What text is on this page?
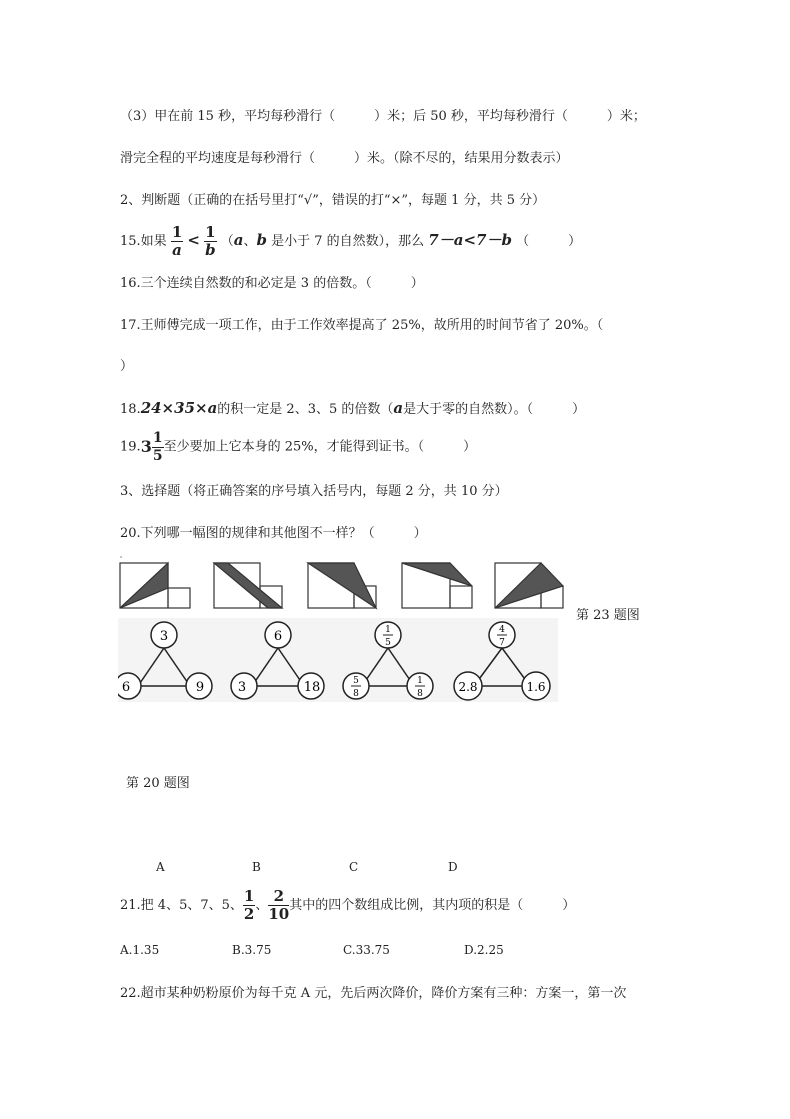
（3）甲在前 15 秒，平均每秒滑行（　　　）米；后 50 秒，平均每秒滑行（　　　）米；
滑完全程的平均速度是每秒滑行（　　　）米。（除不尽的，结果用分数表示）
2、判断题（正确的在括号里打“√”，错误的打“×”，每题 1 分，共 5 分）
15.如果 $\frac{1}{a} < \frac{1}{b} (a$、b 是小于 7 的自然数），那么 7－a<7－b （　　　）
16.三个连续自然数的和必定是 3 的倍数。（　　　）
17.王师傅完成一项工作，由于工作效率提高了 25%，故所用的时间节省了 20%。（
）
18.24×35×a的积一定是 2、3、5 的倍数（a是大于零的自然数）。（　　　）
$19.3 \frac{1}{5}$ 至少要加上它本身的 25%，才能得到证书。（　　　）
3、选择题（将正确答案的序号填入括号内，每题 2 分，共 10 分）
20.下列哪一幅图的规律和其他图不一样？（　　　）
第 23 题图
3
6	9
6
3	18
1
5
5
8
1
8
4
7
2.8	1.6
第 20 题图
A	B	C	D
21.把 4、5、7、5、 $\frac{1}{2}$ 、 $\frac{2}{10}$ 其中的四个数组成比例，其内项的积是（　　　）
A.1.35	B.3.75	C.33.75	D.2.25
22.超市某种奶粉原价为每千克 A 元，先后两次降价，降价方案有三种：方案一，第一次
